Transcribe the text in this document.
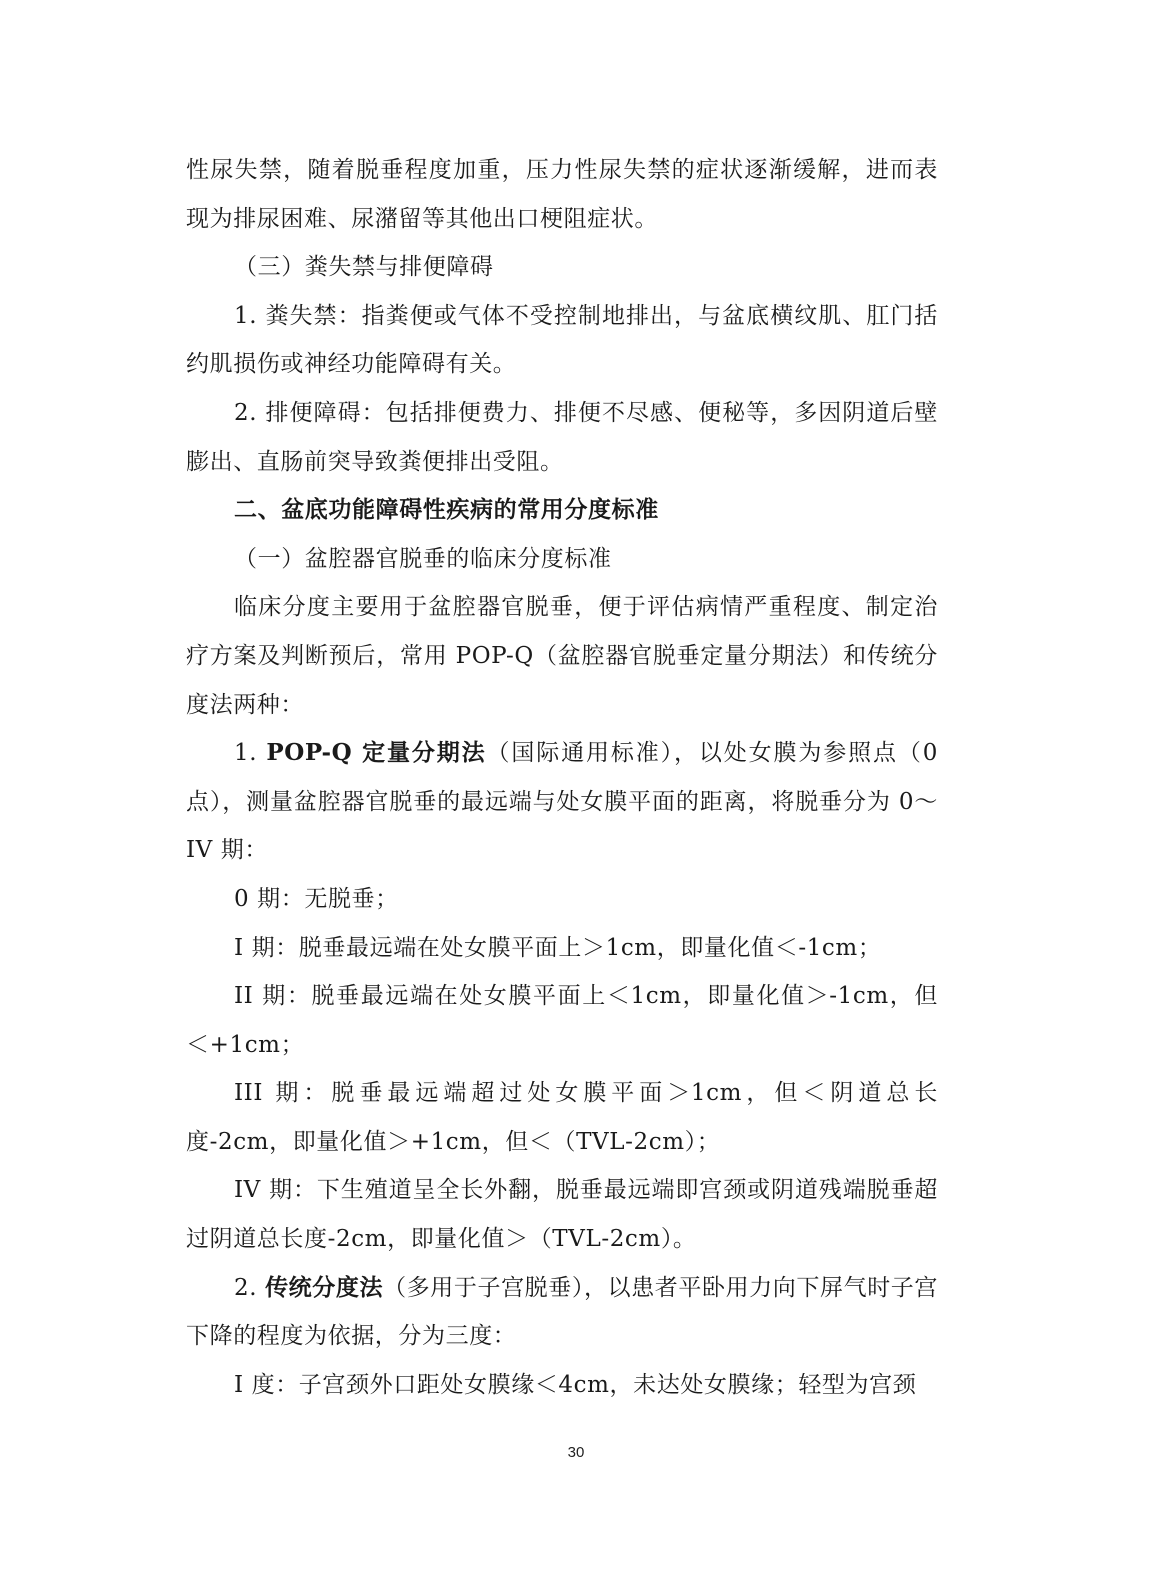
性尿失禁，随着脱垂程度加重，压力性尿失禁的症状逐渐缓解，进而表现为排尿困难、尿潴留等其他出口梗阻症状。

（三）粪失禁与排便障碍

1. 粪失禁：指粪便或气体不受控制地排出，与盆底横纹肌、肛门括约肌损伤或神经功能障碍有关。

2. 排便障碍：包括排便费力、排便不尽感、便秘等，多因阴道后壁膨出、直肠前突导致粪便排出受阻。

二、盆底功能障碍性疾病的常用分度标准

（一）盆腔器官脱垂的临床分度标准

临床分度主要用于盆腔器官脱垂，便于评估病情严重程度、制定治疗方案及判断预后，常用 POP-Q（盆腔器官脱垂定量分期法）和传统分度法两种：

1. POP-Q 定量分期法（国际通用标准），以处女膜为参照点（0点），测量盆腔器官脱垂的最远端与处女膜平面的距离，将脱垂分为 0～IV 期：

0 期：无脱垂；

I 期：脱垂最远端在处女膜平面上＞1cm，即量化值＜-1cm；

II 期：脱垂最远端在处女膜平面上＜1cm，即量化值＞-1cm，但＜+1cm；

III 期：脱垂最远端超过处女膜平面＞1cm，但＜阴道总长度-2cm，即量化值＞+1cm，但＜（TVL-2cm）；

IV 期：下生殖道呈全长外翻，脱垂最远端即宫颈或阴道残端脱垂超过阴道总长度-2cm，即量化值＞（TVL-2cm）。

2. 传统分度法（多用于子宫脱垂），以患者平卧用力向下屏气时子宫下降的程度为依据，分为三度：

I 度：子宫颈外口距处女膜缘＜4cm，未达处女膜缘；轻型为宫颈

30
